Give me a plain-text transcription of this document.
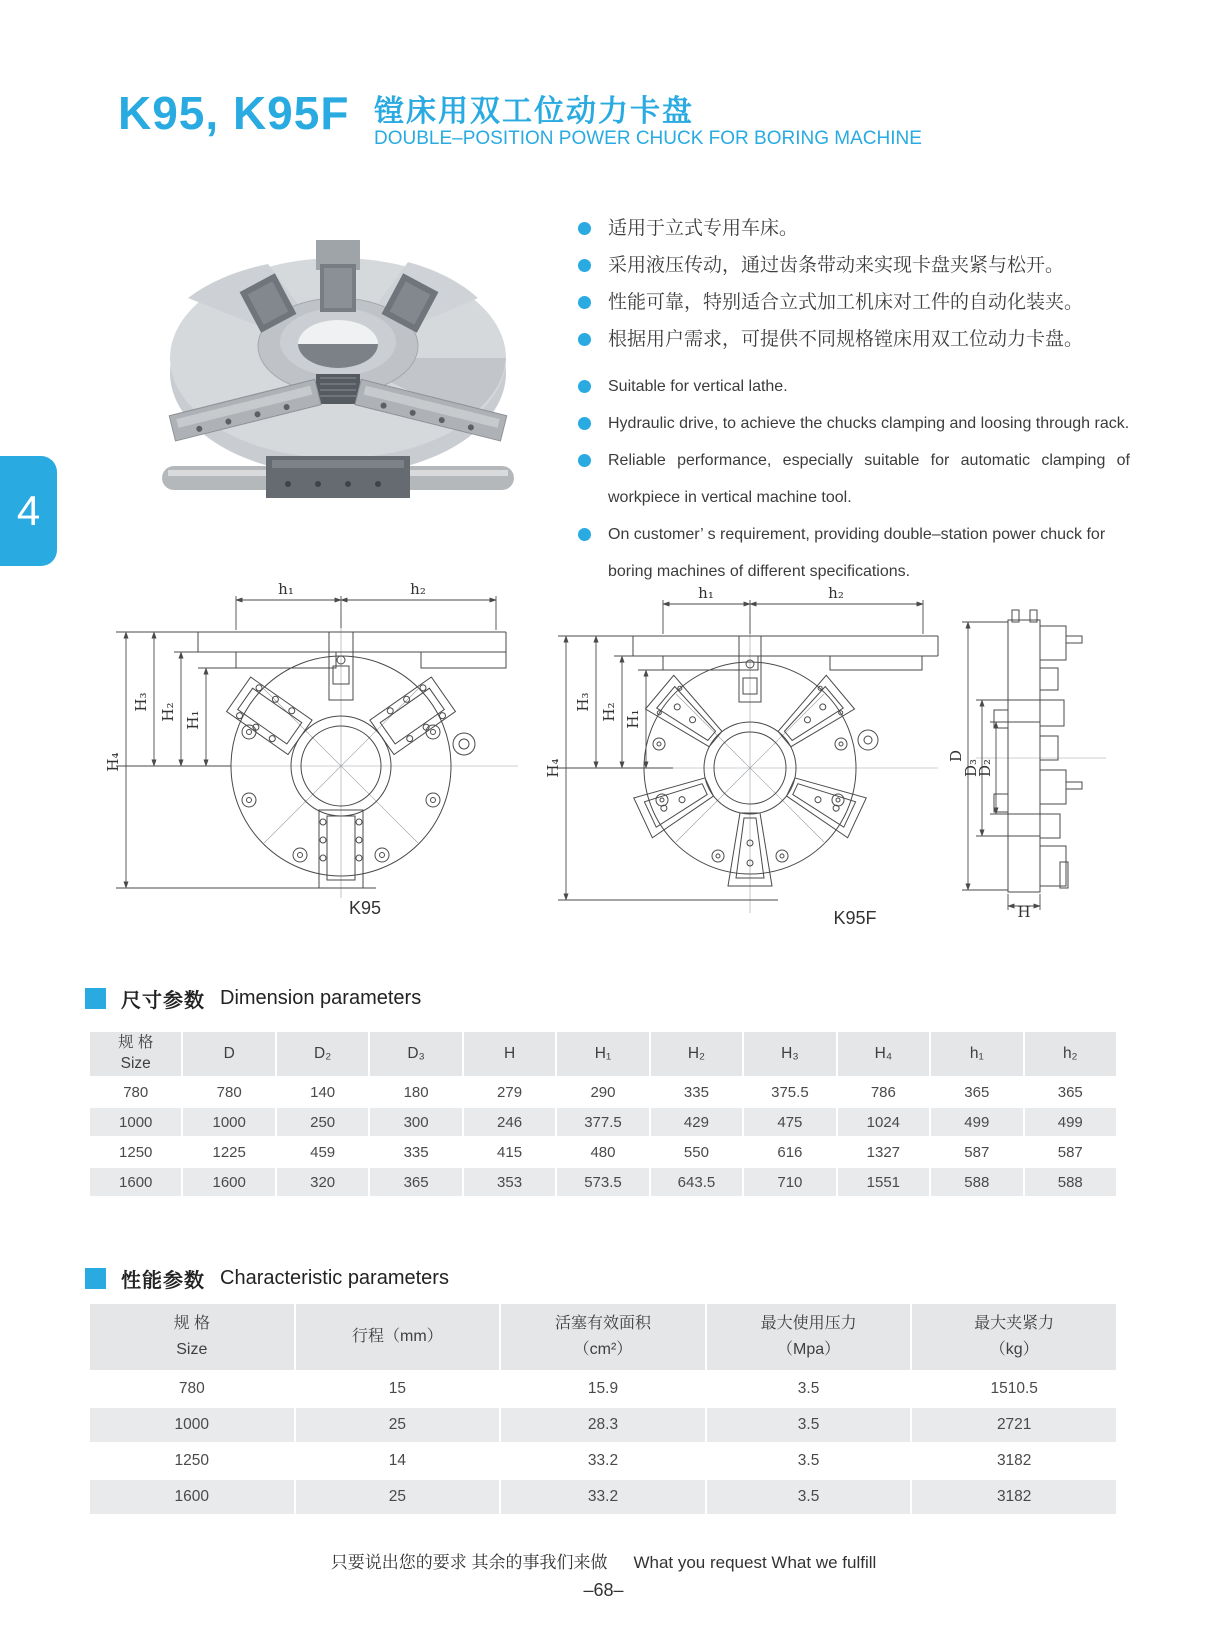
4
K95, K95F 镗床用双工位动力卡盘
DOUBLE–POSITION POWER CHUCK FOR BORING MACHINE
适用于立式专用车床。
采用液压传动，通过齿条带动来实现卡盘夹紧与松开。
性能可靠，特别适合立式加工机床对工件的自动化装夹。
根据用户需求，可提供不同规格镗床用双工位动力卡盘。
Suitable for vertical lathe.
Hydraulic drive, to achieve the chucks clamping and loosing through rack.
Reliable performance, especially suitable for automatic clamping of workpiece in vertical machine tool.
On customer’ s requirement, providing double–station power chuck for boring machines of different specifications.
h₁	h₂
H₁
H₂
H₃
H₄
K95
h₁	h₂
H₁
H₂
H₃
H₄
K95F
D
D₃
D₂
H
尺寸参数 Dimension parameters
规 格
Size	D	D₂	D₃	H	H₁	H₂	H₃	H₄	h₁	h₂
780	780	140	180	279	290	335	375.5	786	365	365
1000	1000	250	300	246	377.5	429	475	1024	499	499
1250	1225	459	335	415	480	550	616	1327	587	587
1600	1600	320	365	353	573.5	643.5	710	1551	588	588
性能参数 Characteristic parameters
规 格
Size

行程（mm）

活塞有效面积
（cm²）

最大使用压力
（Mpa）

最大夹紧力
（kg）

780	15	15.9	3.5	1510.5
1000	25	28.3	3.5	2721
1250	14	33.2	3.5	3182
1600	25	33.2	3.5	3182
只要说出您的要求 其余的事我们来做 What you request What we fulfill
–68–
